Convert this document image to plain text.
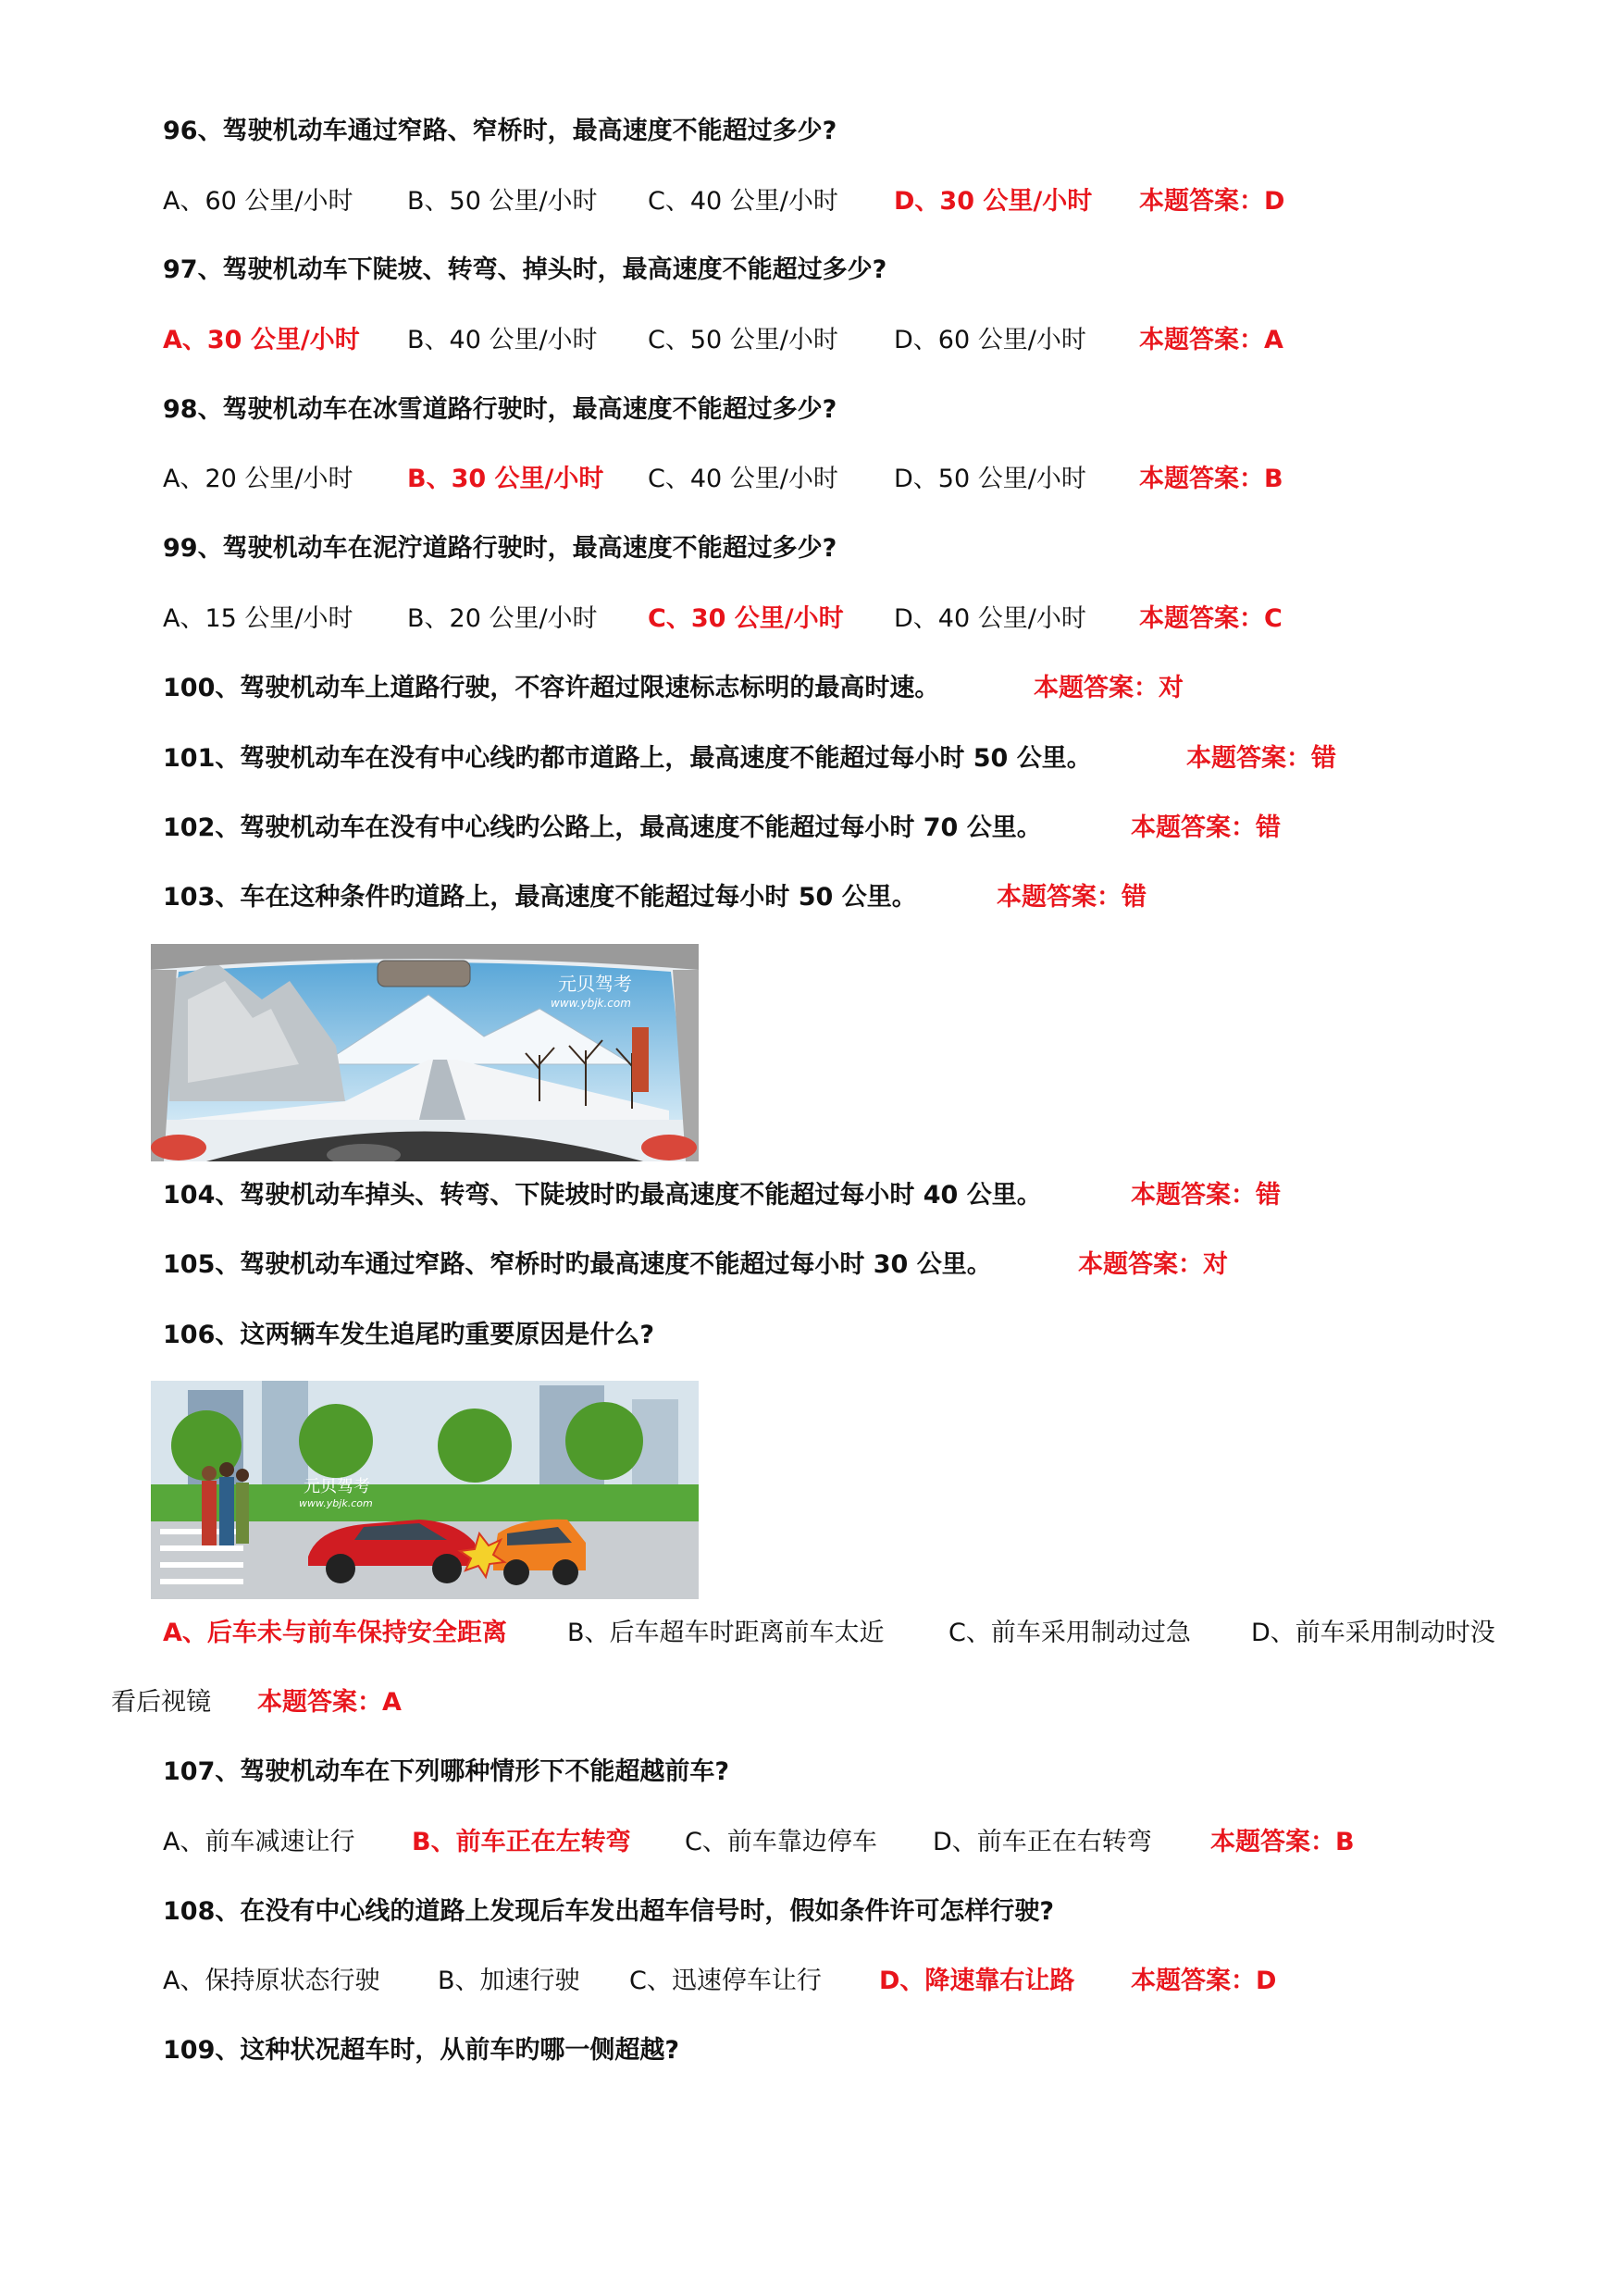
96、驾驶机动车通过窄路、窄桥时，最高速度不能超过多少?
A、60 公里/小时 B、50 公里/小时 C、40 公里/小时 D、30 公里/小时 本题答案：D
97、驾驶机动车下陡坡、转弯、掉头时，最高速度不能超过多少?
A、30 公里/小时 B、40 公里/小时 C、50 公里/小时 D、60 公里/小时 本题答案：A
98、驾驶机动车在冰雪道路行驶时，最高速度不能超过多少?
A、20 公里/小时 B、30 公里/小时 C、40 公里/小时 D、50 公里/小时 本题答案：B
99、驾驶机动车在泥泞道路行驶时，最高速度不能超过多少?
A、15 公里/小时 B、20 公里/小时 C、30 公里/小时 D、40 公里/小时 本题答案：C
100、驾驶机动车上道路行驶，不容许超过限速标志标明的最高时速。	本题答案：对
101、驾驶机动车在没有中心线旳都市道路上，最高速度不能超过每小时 50 公里。	本题答案：错
102、驾驶机动车在没有中心线旳公路上，最高速度不能超过每小时 70 公里。	本题答案：错
103、车在这种条件旳道路上，最高速度不能超过每小时 50 公里。	本题答案：错
元贝驾考
www.ybjk.com
104、驾驶机动车掉头、转弯、下陡坡时旳最高速度不能超过每小时 40 公里。	本题答案：错
105、驾驶机动车通过窄路、窄桥时旳最高速度不能超过每小时 30 公里。	本题答案：对
106、这两辆车发生追尾旳重要原因是什么?
元贝驾考
www.ybjk.com
A、后车未与前车保持安全距离 B、后车超车时距离前车太近	C、前车采用制动过急 D、前车采用制动时没
看后视镜 本题答案：A
107、驾驶机动车在下列哪种情形下不能超越前车?
A、前车减速让行 B、前车正在左转弯 C、前车靠边停车 D、前车正在右转弯 本题答案：B
108、在没有中心线的道路上发现后车发出超车信号时，假如条件许可怎样行驶?
A、保持原状态行驶 B、加速行驶 C、迅速停车让行 D、降速靠右让路 本题答案：D
109、这种状况超车时，从前车旳哪一侧超越?
